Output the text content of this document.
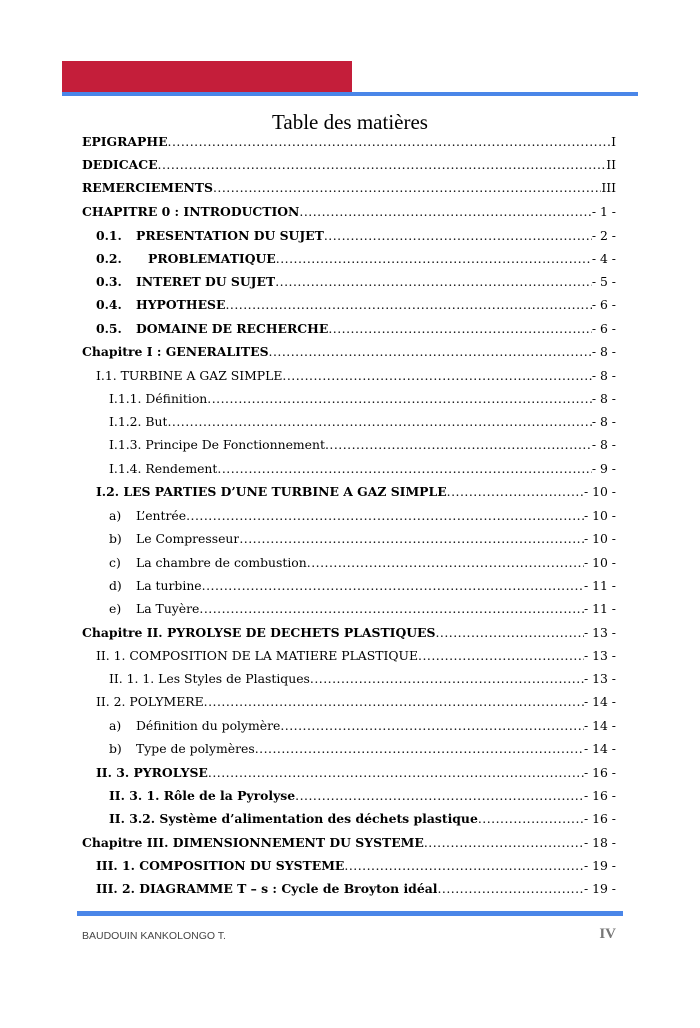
Table des matières
EPIGRAPHE .....	I
DEDICACE .....	II
REMERCIEMENTS .....	III
CHAPITRE 0 : INTRODUCTION .....	- 1 -
0.1.	PRESENTATION DU SUJET .....	- 2 -
0.2.	PROBLEMATIQUE .....	- 4 -
0.3.	INTERET DU SUJET .....	- 5 -
0.4.	HYPOTHESE .....	- 6 -
0.5.	DOMAINE DE RECHERCHE .....	- 6 -
Chapitre I : GENERALITES .....	- 8 -
I.1. TURBINE A GAZ SIMPLE .....	- 8 -
I.1.1. Définition .....	- 8 -
I.1.2. But .....	- 8 -
I.1.3. Principe De Fonctionnement .....	- 8 -
I.1.4. Rendement .....	- 9 -
I.2. LES PARTIES D’UNE TURBINE A GAZ SIMPLE .....	- 10 -
a)	L’entrée .....	- 10 -
b)	Le Compresseur .....	- 10 -
c)	La chambre de combustion .....	- 10 -
d)	La turbine .....	- 11 -
e)	La Tuyère .....	- 11 -
Chapitre II. PYROLYSE DE DECHETS PLASTIQUES .....	- 13 -
II. 1. COMPOSITION DE LA MATIERE PLASTIQUE .....	- 13 -
II. 1. 1. Les Styles de Plastiques .....	- 13 -
II. 2. POLYMERE .....	- 14 -
a)	Définition du polymère .....	- 14 -
b)	Type de polymères .....	- 14 -
II. 3. PYROLYSE .....	- 16 -
II. 3. 1. Rôle de la Pyrolyse .....	- 16 -
II. 3.2. Système d’alimentation des déchets plastique .....	- 16 -
Chapitre III. DIMENSIONNEMENT DU SYSTEME .....	- 18 -
III. 1. COMPOSITION DU SYSTEME .....	- 19 -
III. 2. DIAGRAMME T – s : Cycle de Broyton idéal .....	- 19 -
BAUDOUIN KANKOLONGO T.	IV
